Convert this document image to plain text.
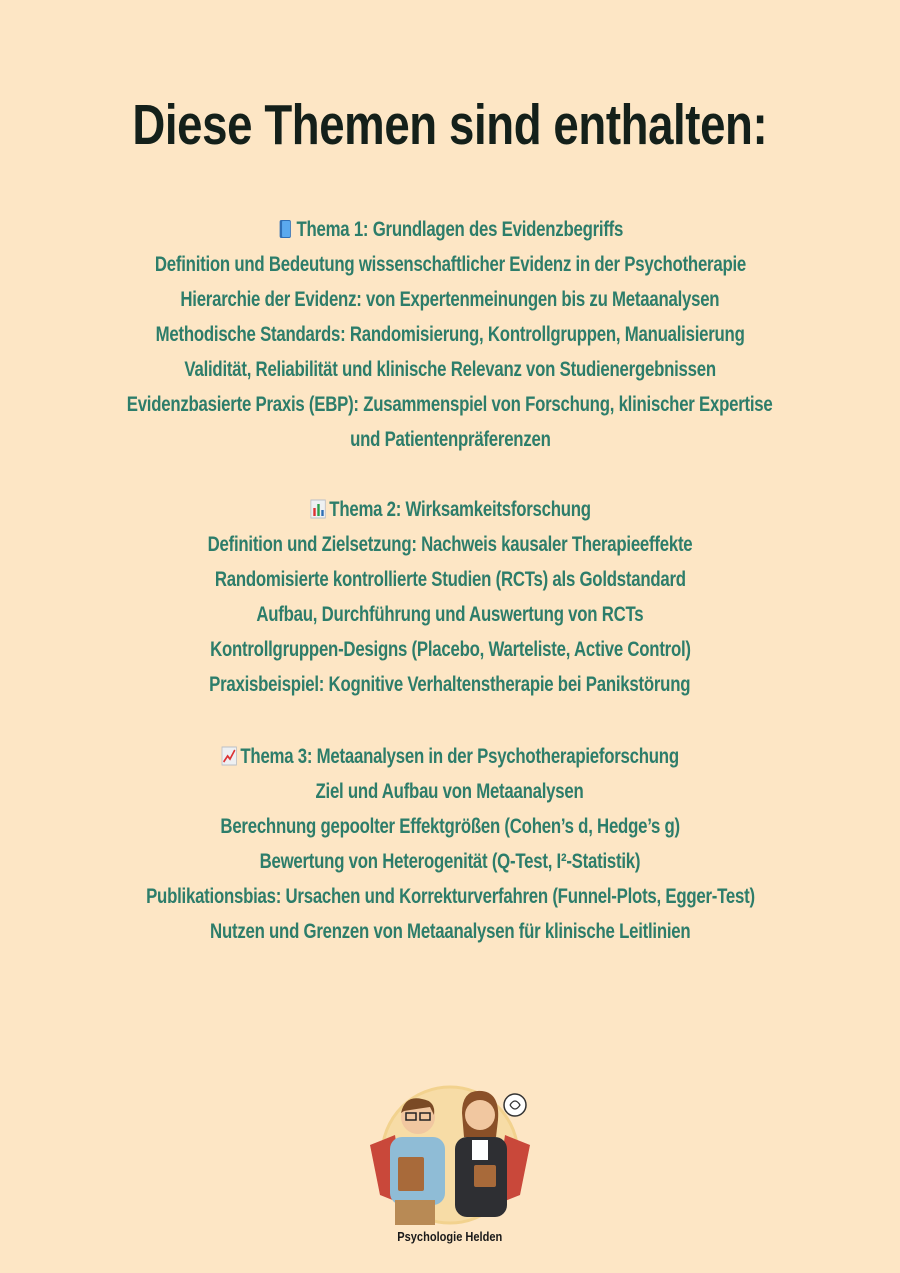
Diese Themen sind enthalten:
Thema 1: Grundlagen des Evidenzbegriffs
Definition und Bedeutung wissenschaftlicher Evidenz in der Psychotherapie
Hierarchie der Evidenz: von Expertenmeinungen bis zu Metaanalysen
Methodische Standards: Randomisierung, Kontrollgruppen, Manualisierung
Validität, Reliabilität und klinische Relevanz von Studienergebnissen
Evidenzbasierte Praxis (EBP): Zusammenspiel von Forschung, klinischer Expertise
und Patientenpräferenzen
Thema 2: Wirksamkeitsforschung
Definition und Zielsetzung: Nachweis kausaler Therapieeffekte
Randomisierte kontrollierte Studien (RCTs) als Goldstandard
Aufbau, Durchführung und Auswertung von RCTs
Kontrollgruppen-Designs (Placebo, Warteliste, Active Control)
Praxisbeispiel: Kognitive Verhaltenstherapie bei Panikstörung
Thema 3: Metaanalysen in der Psychotherapieforschung
Ziel und Aufbau von Metaanalysen
Berechnung gepoolter Effektgrößen (Cohen’s d, Hedge’s g)
Bewertung von Heterogenität (Q-Test, I²-Statistik)
Publikationsbias: Ursachen und Korrekturverfahren (Funnel-Plots, Egger-Test)
Nutzen und Grenzen von Metaanalysen für klinische Leitlinien
Psychologie Helden
